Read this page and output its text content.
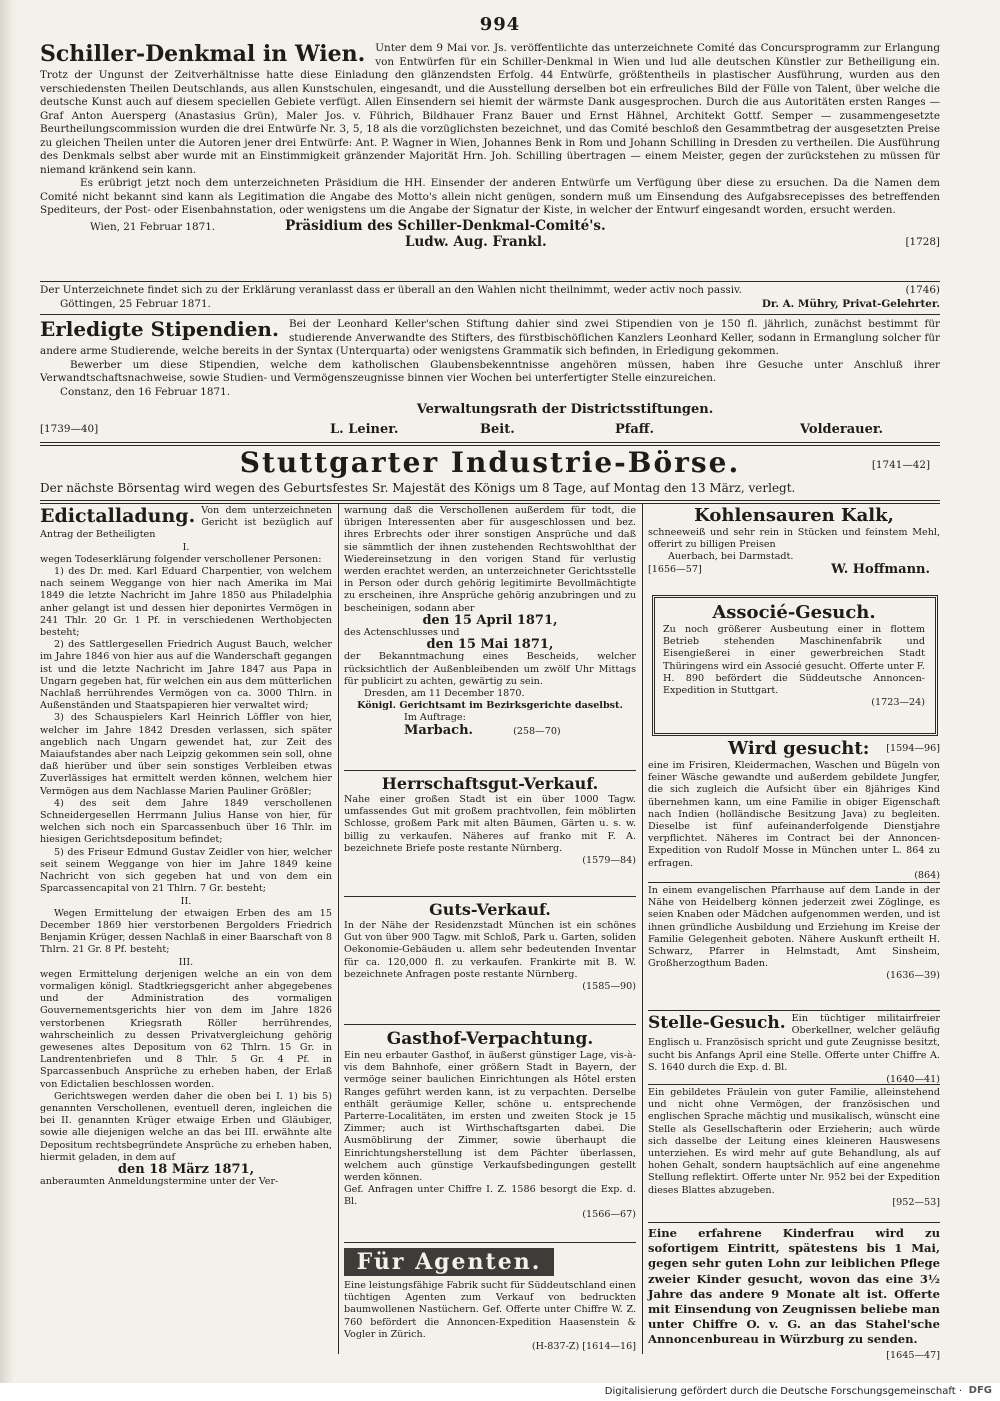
994

Schiller-Denkmal in Wien. Unter dem 9 Mai vor. Js. veröffentlichte das unterzeichnete Comité das Concursprogramm zur Erlangung von Entwürfen für ein Schiller-Denkmal in Wien und lud alle deutschen Künstler zur Betheiligung ein. Trotz der Ungunst der Zeitverhältnisse hatte diese Einladung den glänzendsten Erfolg. 44 Entwürfe, größtentheils in plastischer Ausführung, wurden aus den verschiedensten Theilen Deutschlands, aus allen Kunstschulen, eingesandt, und die Ausstellung derselben bot ein erfreuliches Bild der Fülle von Talent, über welche die deutsche Kunst auch auf diesem speciellen Gebiete verfügt. Allen Einsendern sei hiemit der wärmste Dank ausgesprochen. Durch die aus Autoritäten ersten Ranges — Graf Anton Auersperg (Anastasius Grün), Maler Jos. v. Führich, Bildhauer Franz Bauer und Ernst Hähnel, Architekt Gottf. Semper — zusammengesetzte Beurtheilungscommission wurden die drei Entwürfe Nr. 3, 5, 18 als die vorzüglichsten bezeichnet, und das Comité beschloß den Gesammtbetrag der ausgesetzten Preise zu gleichen Theilen unter die Autoren jener drei Entwürfe: Ant. P. Wagner in Wien, Johannes Benk in Rom und Johann Schilling in Dresden zu vertheilen. Die Ausführung des Denkmals selbst aber wurde mit an Einstimmigkeit gränzender Majorität Hrn. Joh. Schilling übertragen — einem Meister, gegen der zurückstehen zu müssen für niemand kränkend sein kann.

Es erübrigt jetzt noch dem unterzeichneten Präsidium die HH. Einsender der anderen Entwürfe um Verfügung über diese zu ersuchen. Da die Namen dem Comité nicht bekannt sind kann als Legitimation die Angabe des Motto's allein nicht genügen, sondern muß um Einsendung des Aufgabsrecepisses des betreffenden Spediteurs, der Post- oder Eisenbahnstation, oder wenigstens um die Angabe der Signatur der Kiste, in welcher der Entwurf eingesandt worden, ersucht werden.

Wien, 21 Februar 1871.	Präsidium des Schiller-Denkmal-Comité's.

Ludw. Aug. Frankl.	[1728]

Der Unterzeichnete findet sich zu der Erklärung veranlasst dass er überall an den Wahlen nicht theilnimmt, weder activ noch passiv.	(1746)

Göttingen, 25 Februar 1871.	Dr. A. Mühry, Privat-Gelehrter.

Erledigte Stipendien. Bei der Leonhard Keller'schen Stiftung dahier sind zwei Stipendien von je 150 fl. jährlich, zunächst bestimmt für studierende Anverwandte des Stifters, des fürstbischöflichen Kanzlers Leonhard Keller, sodann in Ermanglung solcher für andere arme Studierende, welche bereits in der Syntax (Unterquarta) oder wenigstens Grammatik sich befinden, in Erledigung gekommen.

Bewerber um diese Stipendien, welche dem katholischen Glaubensbekenntnisse angehören müssen, haben ihre Gesuche unter Anschluß ihrer Verwandtschaftsnachweise, sowie Studien- und Vermögenszeugnisse binnen vier Wochen bei unterfertigter Stelle einzureichen.

Constanz, den 16 Februar 1871.

Verwaltungsrath der Districtsstiftungen.

[1739—40]	L. Leiner.	Beit.	Pfaff.	Volderauer.

Stuttgarter Industrie-Börse.	[1741—42]

Der nächste Börsentag wird wegen des Geburtsfestes Sr. Majestät des Königs um 8 Tage, auf Montag den 13 März, verlegt.

Edictalladung. Von dem unterzeichneten Gericht ist bezüglich auf Antrag der Betheiligten

I.

wegen Todeserklärung folgender verschollener Personen:

1) des Dr. med. Karl Eduard Charpentier, von welchem nach seinem Weggange von hier nach Amerika im Mai 1849 die letzte Nachricht im Jahre 1850 aus Philadelphia anher gelangt ist und dessen hier deponirtes Vermögen in 241 Thlr. 20 Gr. 1 Pf. in verschiedenen Werthobjecten besteht;

2) des Sattlergesellen Friedrich August Bauch, welcher im Jahre 1846 von hier aus auf die Wanderschaft gegangen ist und die letzte Nachricht im Jahre 1847 aus Papa in Ungarn gegeben hat, für welchen ein aus dem mütterlichen Nachlaß herrührendes Vermögen von ca. 3000 Thlrn. in Außenständen und Staatspapieren hier verwaltet wird;

3) des Schauspielers Karl Heinrich Löffler von hier, welcher im Jahre 1842 Dresden verlassen, sich später angeblich nach Ungarn gewendet hat, zur Zeit des Maiaufstandes aber nach Leipzig gekommen sein soll, ohne daß hierüber und über sein sonstiges Verbleiben etwas Zuverlässiges hat ermittelt werden können, welchem hier Vermögen aus dem Nachlasse Marien Pauliner Größler;

4) des seit dem Jahre 1849 verschollenen Schneidergesellen Herrmann Julius Hanse von hier, für welchen sich noch ein Sparcassenbuch über 16 Thlr. im hiesigen Gerichtsdepositum befindet;

5) des Friseur Edmund Gustav Zeidler von hier, welcher seit seinem Weggange von hier im Jahre 1849 keine Nachricht von sich gegeben hat und von dem ein Sparcassencapital von 21 Thlrn. 7 Gr. besteht;

II.

Wegen Ermittelung der etwaigen Erben des am 15 December 1869 hier verstorbenen Bergolders Friedrich Benjamin Krüger, dessen Nachlaß in einer Baarschaft von 8 Thlrn. 21 Gr. 8 Pf. besteht;

III.

wegen Ermittelung derjenigen welche an ein von dem vormaligen königl. Stadtkriegsgericht anher abgegebenes und der Administration des vormaligen Gouvernementsgerichts hier von dem im Jahre 1826 verstorbenen Kriegsrath Röller herrührendes, wahrscheinlich zu dessen Privatvergleichung gehörig gewesenes altes Depositum von 62 Thlrn. 15 Gr. in Landrentenbriefen und 8 Thlr. 5 Gr. 4 Pf. in Sparcassenbuch Ansprüche zu erheben haben, der Erlaß von Edictalien beschlossen worden.

Gerichtswegen werden daher die oben bei I. 1) bis 5) genannten Verschollenen, eventuell deren, ingleichen die bei II. genannten Krüger etwaige Erben und Gläubiger, sowie alle diejenigen welche an das bei III. erwähnte alte Depositum rechtsbegründete Ansprüche zu erheben haben, hiermit geladen, in dem auf

den 18 März 1871,

anberaumten Anmeldungstermine unter der Ver-

warnung daß die Verschollenen außerdem für todt, die übrigen Interessenten aber für ausgeschlossen und bez. ihres Erbrechts oder ihrer sonstigen Ansprüche und daß sie sämmtlich der ihnen zustehenden Rechtswohlthat der Wiedereinsetzung in den vorigen Stand für verlustig werden erachtet werden, an unterzeichneter Gerichtsstelle in Person oder durch gehörig legitimirte Bevollmächtigte zu erscheinen, ihre Ansprüche gehörig anzubringen und zu bescheinigen, sodann aber

den 15 April 1871,

des Actenschlusses und

den 15 Mai 1871,

der Bekanntmachung eines Bescheids, welcher rücksichtlich der Außenbleibenden um zwölf Uhr Mittags für publicirt zu achten, gewärtig zu sein.

Dresden, am 11 December 1870.

Königl. Gerichtsamt im Bezirksgerichte daselbst.

Im Auftrage:

Marbach.	(258—70)

Herrschaftsgut-Verkauf.

Nahe einer großen Stadt ist ein über 1000 Tagw. umfassendes Gut mit großem prachtvollen, fein möblirten Schlosse, großem Park mit alten Bäumen, Gärten u. s. w. billig zu verkaufen. Näheres auf franko mit F. A. bezeichnete Briefe poste restante Nürnberg.

(1579—84)

Guts-Verkauf.

In der Nähe der Residenzstadt München ist ein schönes Gut von über 900 Tagw. mit Schloß, Park u. Garten, soliden Oekonomie-Gebäuden u. allem sehr bedeutenden Inventar für ca. 120,000 fl. zu verkaufen. Frankirte mit B. W. bezeichnete Anfragen poste restante Nürnberg.

(1585—90)

Gasthof-Verpachtung.

Ein neu erbauter Gasthof, in äußerst günstiger Lage, vis-à-vis dem Bahnhofe, einer größern Stadt in Bayern, der vermöge seiner baulichen Einrichtungen als Hôtel ersten Ranges geführt werden kann, ist zu verpachten. Derselbe enthält geräumige Keller, schöne u. entsprechende Parterre-Localitäten, im ersten und zweiten Stock je 15 Zimmer; auch ist Wirthschaftsgarten dabei. Die Ausmöblirung der Zimmer, sowie überhaupt die Einrichtungsherstellung ist dem Pächter überlassen, welchem auch günstige Verkaufsbedingungen gestellt werden können.

Gef. Anfragen unter Chiffre I. Z. 1586 besorgt die Exp. d. Bl.

(1566—67)

Für Agenten.

Eine leistungsfähige Fabrik sucht für Süddeutschland einen tüchtigen Agenten zum Verkauf von bedruckten baumwollenen Nastüchern. Gef. Offerte unter Chiffre W. Z. 760 befördert die Annoncen-Expedition Haasenstein & Vogler in Zürich.

(H-837-Z) [1614—16]

Kohlensauren Kalk,

schneeweiß und sehr rein in Stücken und feinstem Mehl, offerirt zu billigen Preisen

Auerbach, bei Darmstadt.

[1656—57]	W. Hoffmann.

Associé-Gesuch.

Zu noch größerer Ausbeutung einer in flottem Betrieb stehenden Maschinenfabrik und Eisengießerei in einer gewerbreichen Stadt Thüringens wird ein Associé gesucht. Offerte unter F. H. 890 befördert die Süddeutsche Annoncen-Expedition in Stuttgart.

(1723—24)

Wird gesucht: [1594—96]

eine im Frisiren, Kleidermachen, Waschen und Bügeln von feiner Wäsche gewandte und außerdem gebildete Jungfer, die sich zugleich die Aufsicht über ein 8jähriges Kind übernehmen kann, um eine Familie in obiger Eigenschaft nach Indien (holländische Besitzung Java) zu begleiten. Dieselbe ist fünf aufeinanderfolgende Dienstjahre verpflichtet. Näheres im Contract bei der Annoncen-Expedition von Rudolf Mosse in München unter L. 864 zu erfragen.

(864)

In einem evangelischen Pfarrhause auf dem Lande in der Nähe von Heidelberg können jederzeit zwei Zöglinge, es seien Knaben oder Mädchen aufgenommen werden, und ist ihnen gründliche Ausbildung und Erziehung im Kreise der Familie Gelegenheit geboten. Nähere Auskunft ertheilt H. Schwarz, Pfarrer in Helmstadt, Amt Sinsheim, Großherzogthum Baden.

(1636—39)

Stelle-Gesuch. Ein tüchtiger militairfreier Oberkellner, welcher geläufig Englisch u. Französisch spricht und gute Zeugnisse besitzt, sucht bis Anfangs April eine Stelle. Offerte unter Chiffre A. S. 1640 durch die Exp. d. Bl.

(1640—41)

Ein gebildetes Fräulein von guter Familie, alleinstehend und nicht ohne Vermögen, der französischen und englischen Sprache mächtig und musikalisch, wünscht eine Stelle als Gesellschafterin oder Erzieherin; auch würde sich dasselbe der Leitung eines kleineren Hauswesens unterziehen. Es wird mehr auf gute Behandlung, als auf hohen Gehalt, sondern hauptsächlich auf eine angenehme Stellung reflektirt. Offerte unter Nr. 952 bei der Expedition dieses Blattes abzugeben.

[952—53]

Eine erfahrene Kinderfrau wird zu sofortigem Eintritt, spätestens bis 1 Mai, gegen sehr guten Lohn zur leiblichen Pflege zweier Kinder gesucht, wovon das eine 3½ Jahre das andere 9 Monate alt ist. Offerte mit Einsendung von Zeugnissen beliebe man unter Chiffre O. v. G. an das Stahel'sche Annoncenbureau in Würzburg zu senden.

[1645—47]

Digitalisierung gefördert durch die Deutsche Forschungsgemeinschaft · DFG
